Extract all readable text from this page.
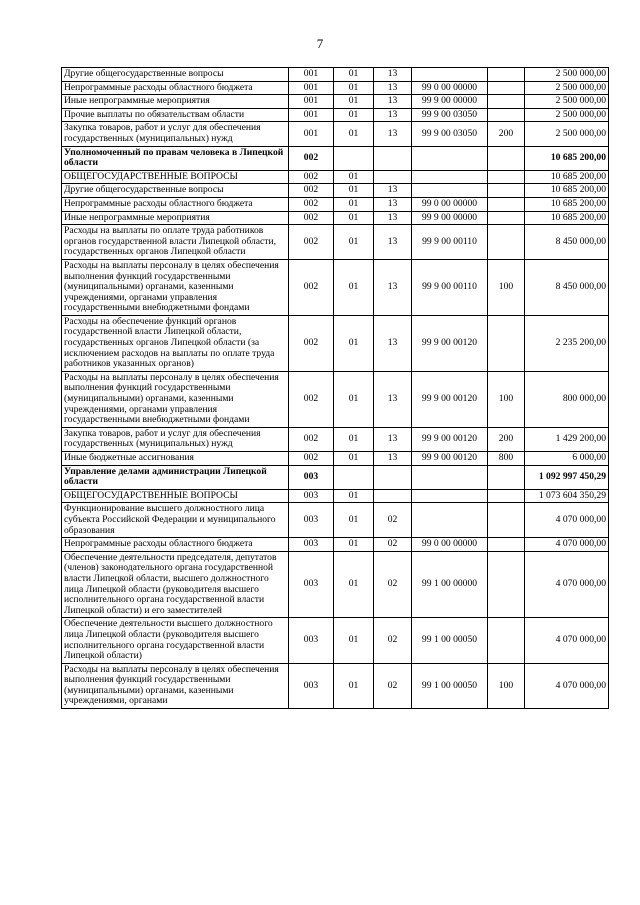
7
Другие общегосударственные вопросы	001	01	13			2 500 000,00
Непрограммные расходы областного бюджета	001	01	13	99 0 00 00000		2 500 000,00
Иные непрограммные мероприятия	001	01	13	99 9 00 00000		2 500 000,00
Прочие выплаты по обязательствам области	001	01	13	99 9 00 03050		2 500 000,00
Закупка товаров, работ и услуг для обеспечения государственных (муниципальных) нужд	001	01	13	99 9 00 03050	200	2 500 000,00
Уполномоченный по правам человека в Липецкой области	002					10 685 200,00
ОБЩЕГОСУДАРСТВЕННЫЕ ВОПРОСЫ	002	01				10 685 200,00
Другие общегосударственные вопросы	002	01	13			10 685 200,00
Непрограммные расходы областного бюджета	002	01	13	99 0 00 00000		10 685 200,00
Иные непрограммные мероприятия	002	01	13	99 9 00 00000		10 685 200,00
Расходы на выплаты по оплате труда работников органов государственной власти Липецкой области, государственных органов Липецкой области	002	01	13	99 9 00 00110		8 450 000,00
Расходы на выплаты персоналу в целях обеспечения выполнения функций государственными (муниципальными) органами, казенными учреждениями, органами управления государственными внебюджетными фондами	002	01	13	99 9 00 00110	100	8 450 000,00
Расходы на обеспечение функций органов государственной власти Липецкой области, государственных органов Липецкой области (за исключением расходов на выплаты по оплате труда работников указанных органов)	002	01	13	99 9 00 00120		2 235 200,00
Расходы на выплаты персоналу в целях обеспечения выполнения функций государственными (муниципальными) органами, казенными учреждениями, органами управления государственными внебюджетными фондами	002	01	13	99 9 00 00120	100	800 000,00
Закупка товаров, работ и услуг для обеспечения государственных (муниципальных) нужд	002	01	13	99 9 00 00120	200	1 429 200,00
Иные бюджетные ассигнования	002	01	13	99 9 00 00120	800	6 000,00
Управление делами администрации Липецкой области	003					1 092 997 450,29
ОБЩЕГОСУДАРСТВЕННЫЕ ВОПРОСЫ	003	01				1 073 604 350,29
Функционирование высшего должностного лица субъекта Российской Федерации и муниципального образования	003	01	02			4 070 000,00
Непрограммные расходы областного бюджета	003	01	02	99 0 00 00000		4 070 000,00
Обеспечение деятельности председателя, депутатов (членов) законодательного органа государственной власти Липецкой области, высшего должностного лица Липецкой области (руководителя высшего исполнительного органа государственной власти Липецкой области) и его заместителей	003	01	02	99 1 00 00000		4 070 000,00
Обеспечение деятельности высшего должностного лица Липецкой области (руководителя высшего исполнительного органа государственной власти Липецкой области)	003	01	02	99 1 00 00050		4 070 000,00
Расходы на выплаты персоналу в целях обеспечения выполнения функций государственными (муниципальными) органами, казенными учреждениями, органами	003	01	02	99 1 00 00050	100	4 070 000,00
